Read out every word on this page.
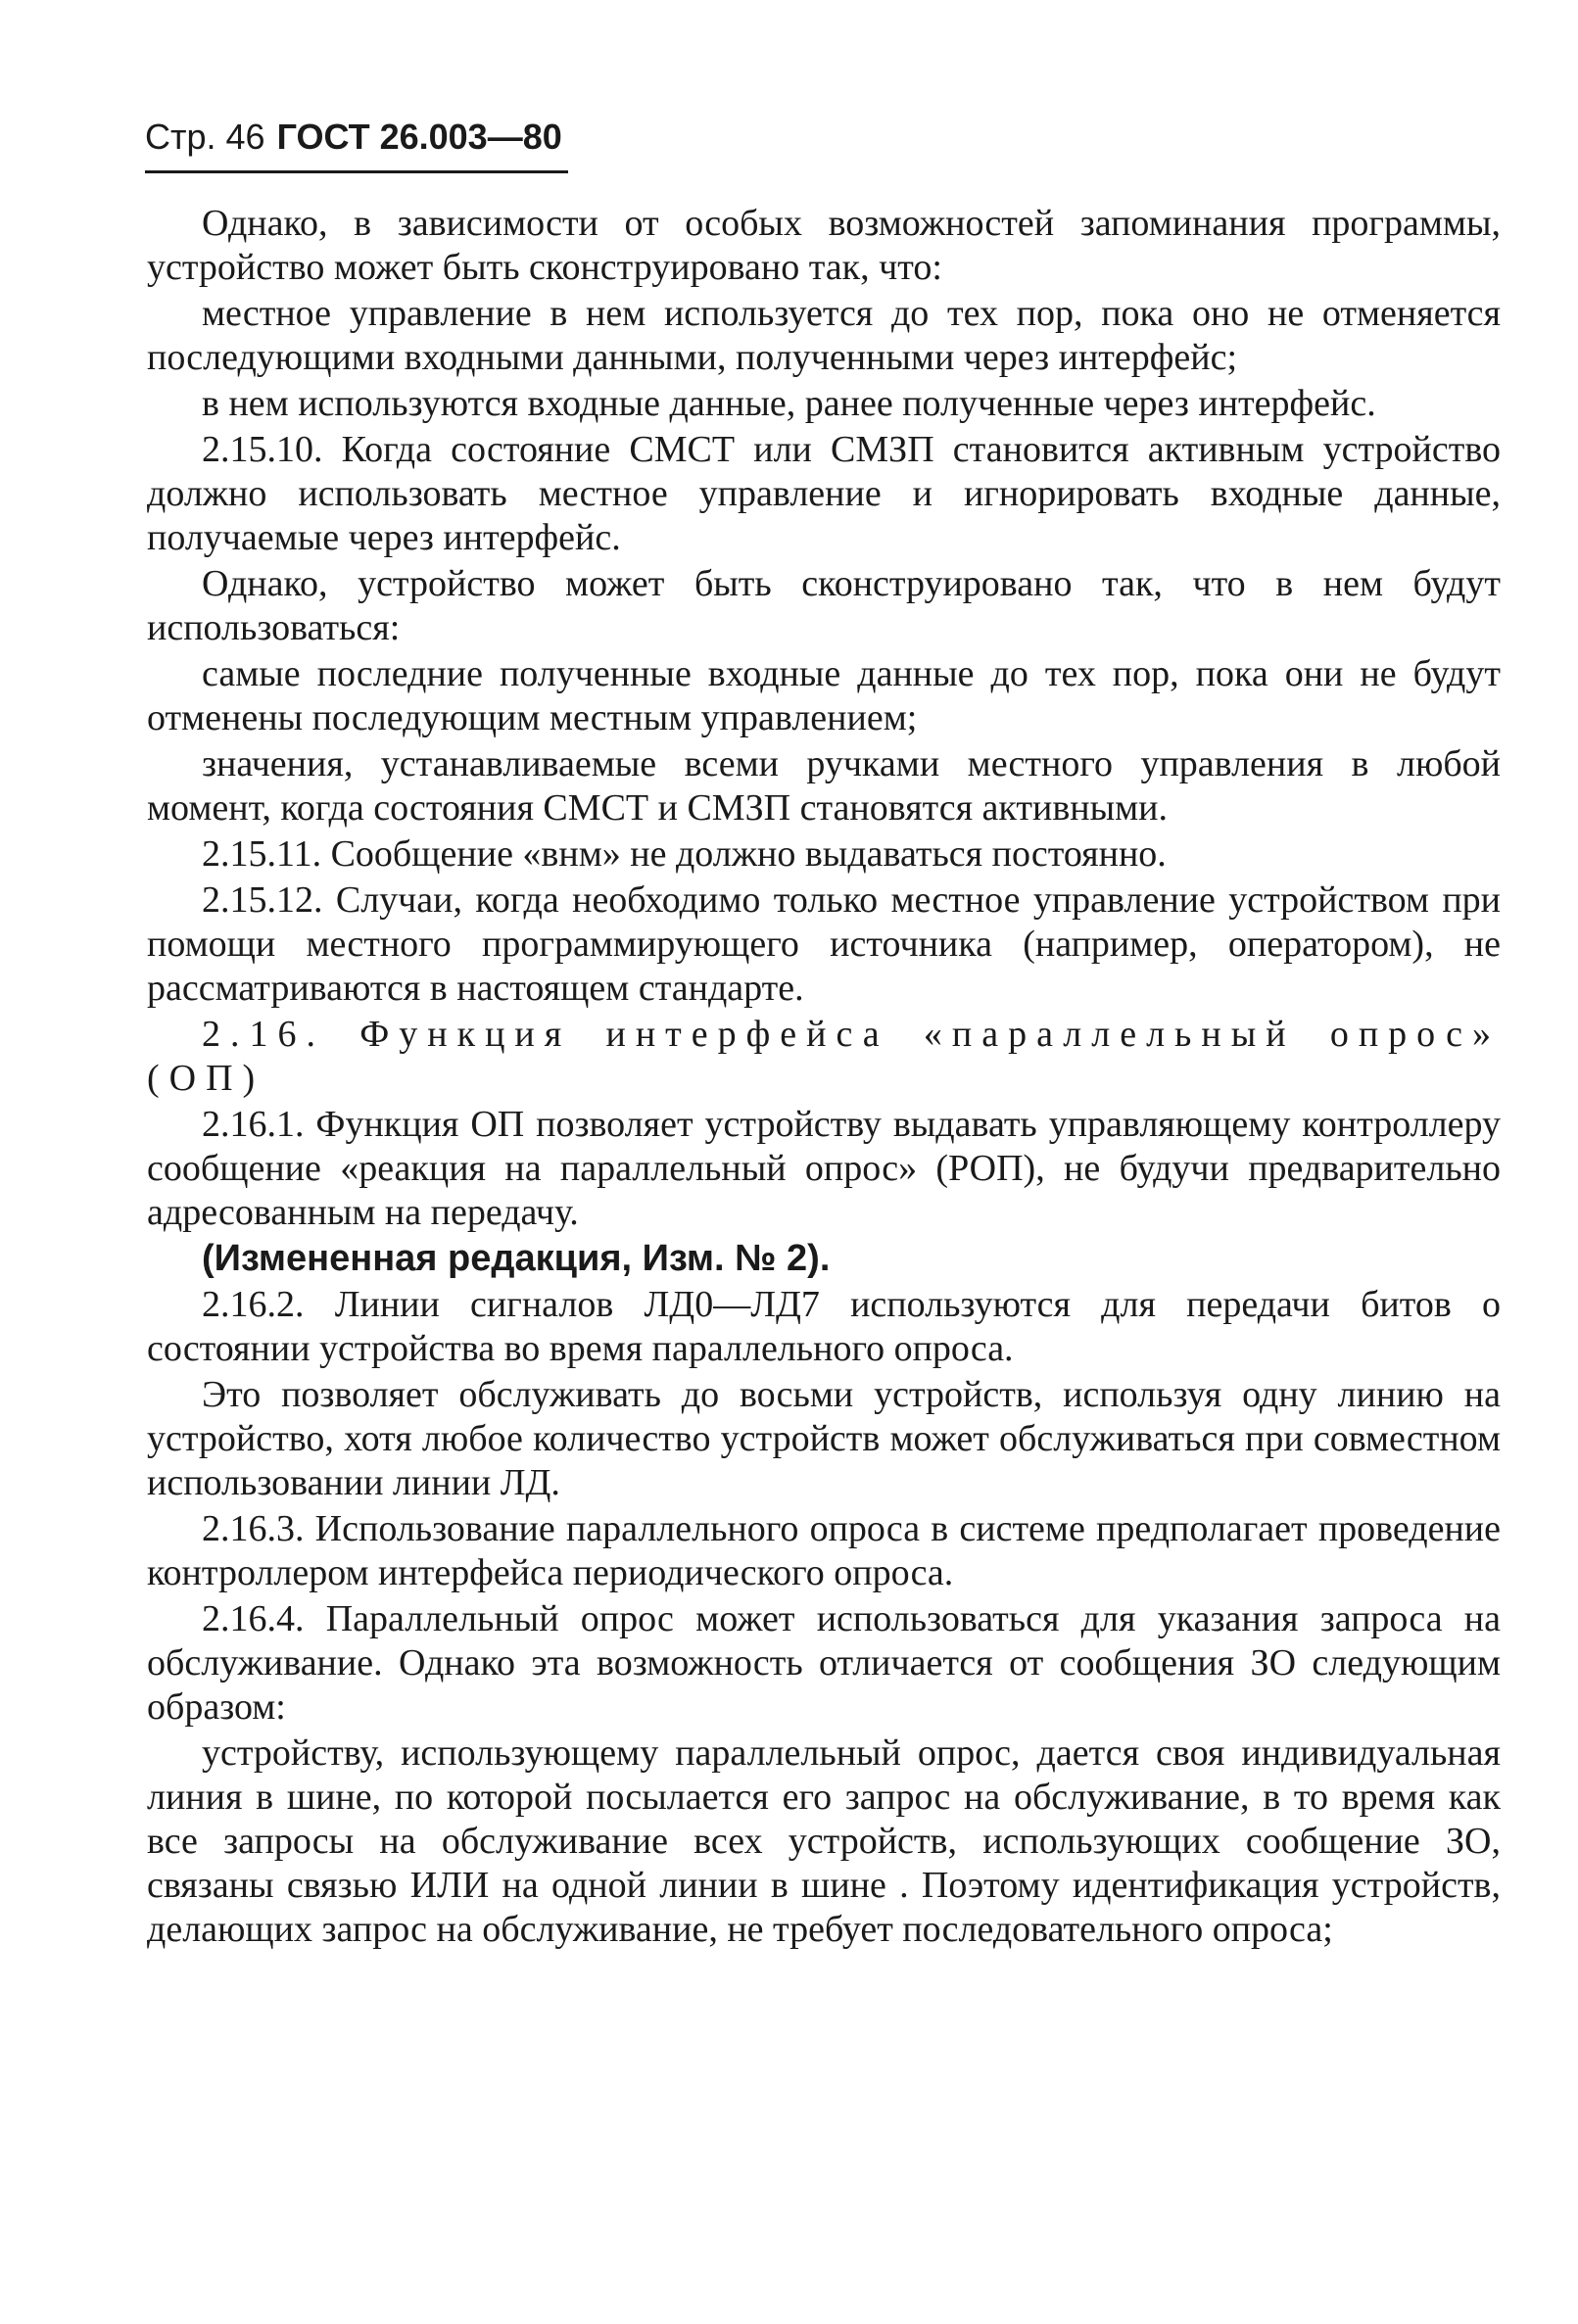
Стр. 46 ГОСТ 26.003—80

Однако, в зависимости от особых возможностей запоминания программы, устройство может быть сконструировано так, что:

местное управление в нем используется до тех пор, пока оно не отменяется последующими входными данными, полученными через интерфейс;

в нем используются входные данные, ранее полученные через интерфейс.

2.15.10. Когда состояние СМСТ или СМЗП становится активным устройство должно использовать местное управление и игнорировать входные данные, получаемые через интерфейс.

Однако, устройство может быть сконструировано так, что в нем будут использоваться:

самые последние полученные входные данные до тех пор, пока они не будут отменены последующим местным управлением;

значения, устанавливаемые всеми ручками местного управления в любой момент, когда состояния СМСТ и СМЗП становятся активными.

2.15.11. Сообщение «внм» не должно выдаваться постоянно.

2.15.12. Случаи, когда необходимо только местное управление устройством при помощи местного программирующего источника (например, оператором), не рассматриваются в настоящем стандарте.

2.16. Функция интерфейса «параллельный опрос» (ОП)

2.16.1. Функция ОП позволяет устройству выдавать управляющему контроллеру сообщение «реакция на параллельный опрос» (РОП), не будучи предварительно адресованным на передачу.

(Измененная редакция, Изм. № 2).

2.16.2. Линии сигналов ЛД0—ЛД7 используются для передачи битов о состоянии устройства во время параллельного опроса.

Это позволяет обслуживать до восьми устройств, используя одну линию на устройство, хотя любое количество устройств может обслуживаться при совместном использовании линии ЛД.

2.16.3. Использование параллельного опроса в системе предполагает проведение контроллером интерфейса периодического опроса.

2.16.4. Параллельный опрос может использоваться для указания запроса на обслуживание. Однако эта возможность отличается от сообщения ЗО следующим образом:

устройству, использующему параллельный опрос, дается своя индивидуальная линия в шине, по которой посылается его запрос на обслуживание, в то время как все запросы на обслуживание всех устройств, использующих сообщение ЗО, связаны связью ИЛИ на одной линии в шине . Поэтому идентификация устройств, делающих запрос на обслуживание, не требует последовательного опроса;
